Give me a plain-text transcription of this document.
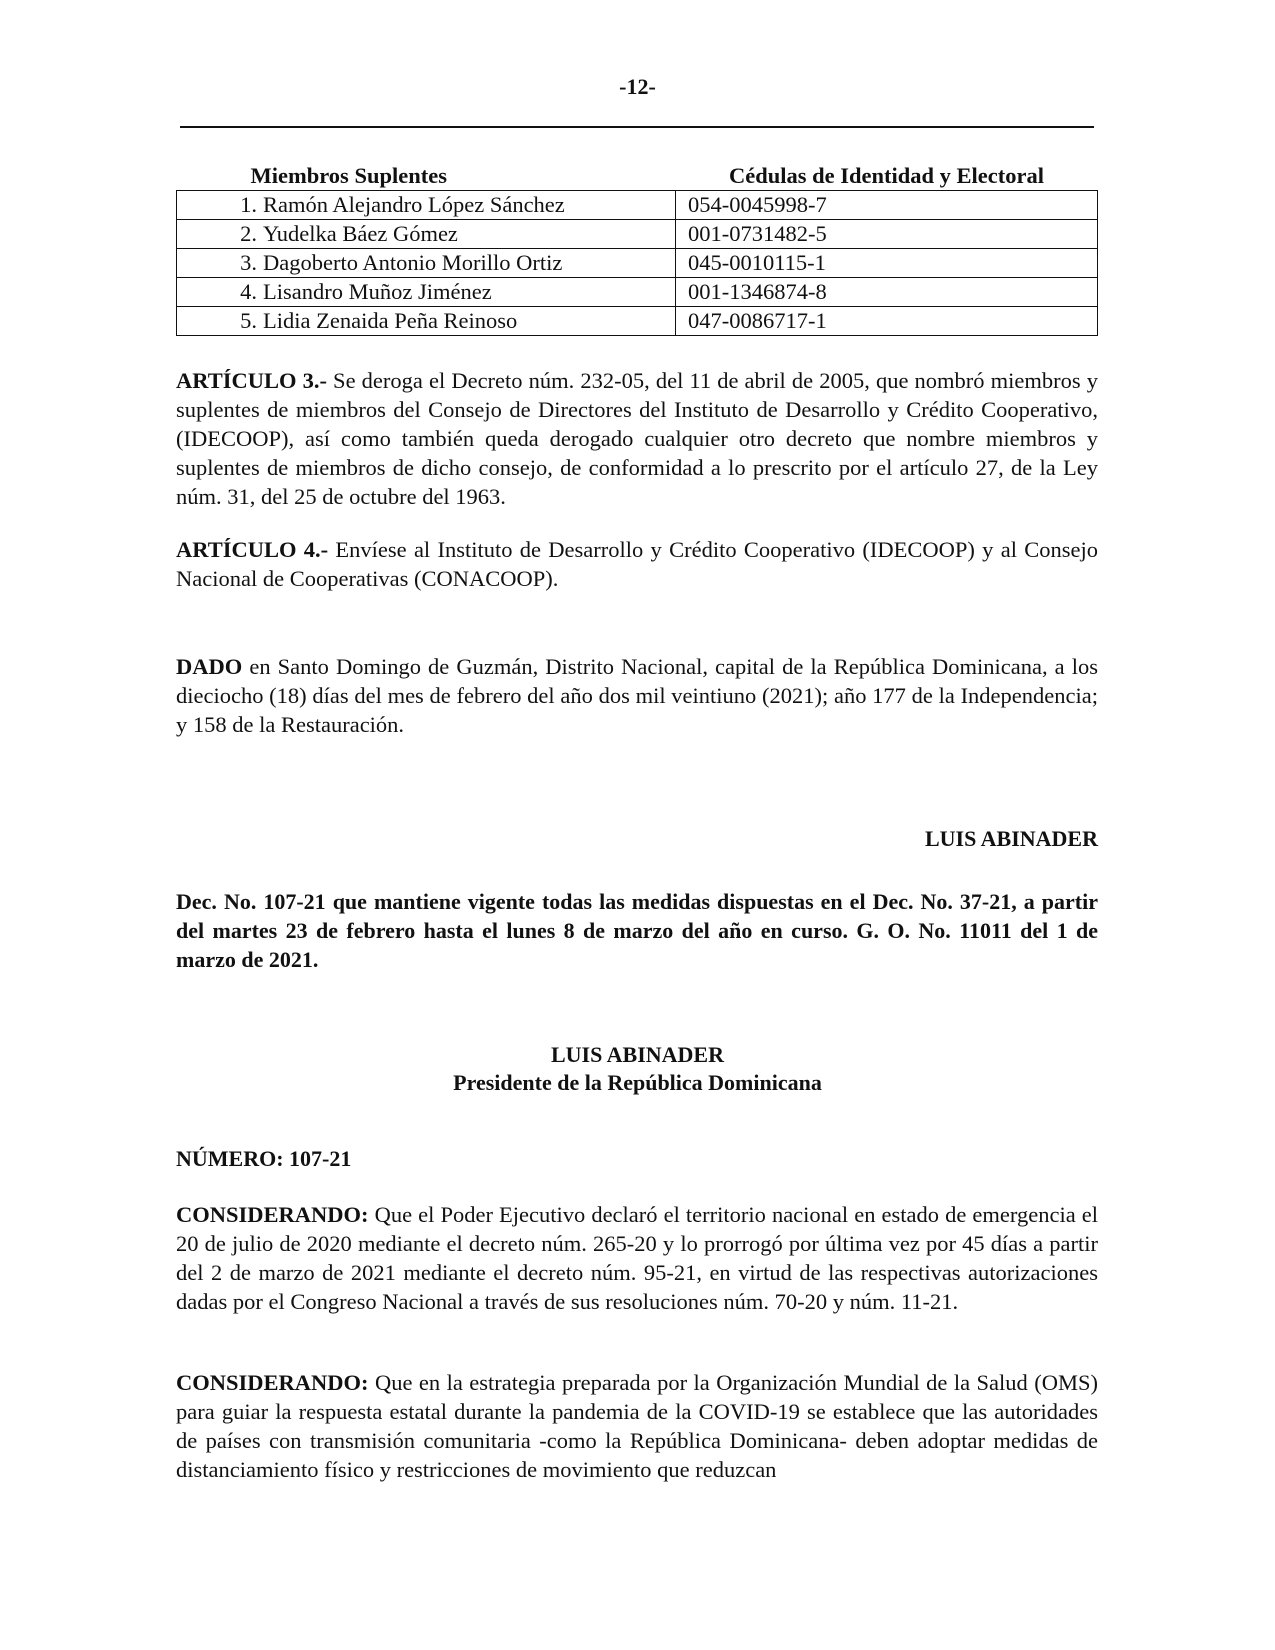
-12-
Miembros Suplentes	Cédulas de Identidad y Electoral
1. Ramón Alejandro López Sánchez	054-0045998-7
2. Yudelka Báez Gómez	001-0731482-5
3. Dagoberto Antonio Morillo Ortiz	045-0010115-1
4. Lisandro Muñoz Jiménez	001-1346874-8
5. Lidia Zenaida Peña Reinoso	047-0086717-1

ARTÍCULO 3.- Se deroga el Decreto núm. 232-05, del 11 de abril de 2005, que nombró miembros y suplentes de miembros del Consejo de Directores del Instituto de Desarrollo y Crédito Cooperativo, (IDECOOP), así como también queda derogado cualquier otro decreto que nombre miembros y suplentes de miembros de dicho consejo, de conformidad a lo prescrito por el artículo 27, de la Ley núm. 31, del 25 de octubre del 1963.

ARTÍCULO 4.- Envíese al Instituto de Desarrollo y Crédito Cooperativo (IDECOOP) y al Consejo Nacional de Cooperativas (CONACOOP).

DADO en Santo Domingo de Guzmán, Distrito Nacional, capital de la República Dominicana, a los dieciocho (18) días del mes de febrero del año dos mil veintiuno (2021); año 177 de la Independencia; y 158 de la Restauración.

LUIS ABINADER

Dec. No. 107-21 que mantiene vigente todas las medidas dispuestas en el Dec. No. 37-21, a partir del martes 23 de febrero hasta el lunes 8 de marzo del año en curso. G. O. No. 11011 del 1 de marzo de 2021.

LUIS ABINADER
Presidente de la República Dominicana
NÚMERO: 107-21

CONSIDERANDO: Que el Poder Ejecutivo declaró el territorio nacional en estado de emergencia el 20 de julio de 2020 mediante el decreto núm. 265-20 y lo prorrogó por última vez por 45 días a partir del 2 de marzo de 2021 mediante el decreto núm. 95-21, en virtud de las respectivas autorizaciones dadas por el Congreso Nacional a través de sus resoluciones núm. 70-20 y núm. 11-21.

CONSIDERANDO: Que en la estrategia preparada por la Organización Mundial de la Salud (OMS) para guiar la respuesta estatal durante la pandemia de la COVID-19 se establece que las autoridades de países con transmisión comunitaria -como la República Dominicana- deben adoptar medidas de distanciamiento físico y restricciones de movimiento que reduzcan
